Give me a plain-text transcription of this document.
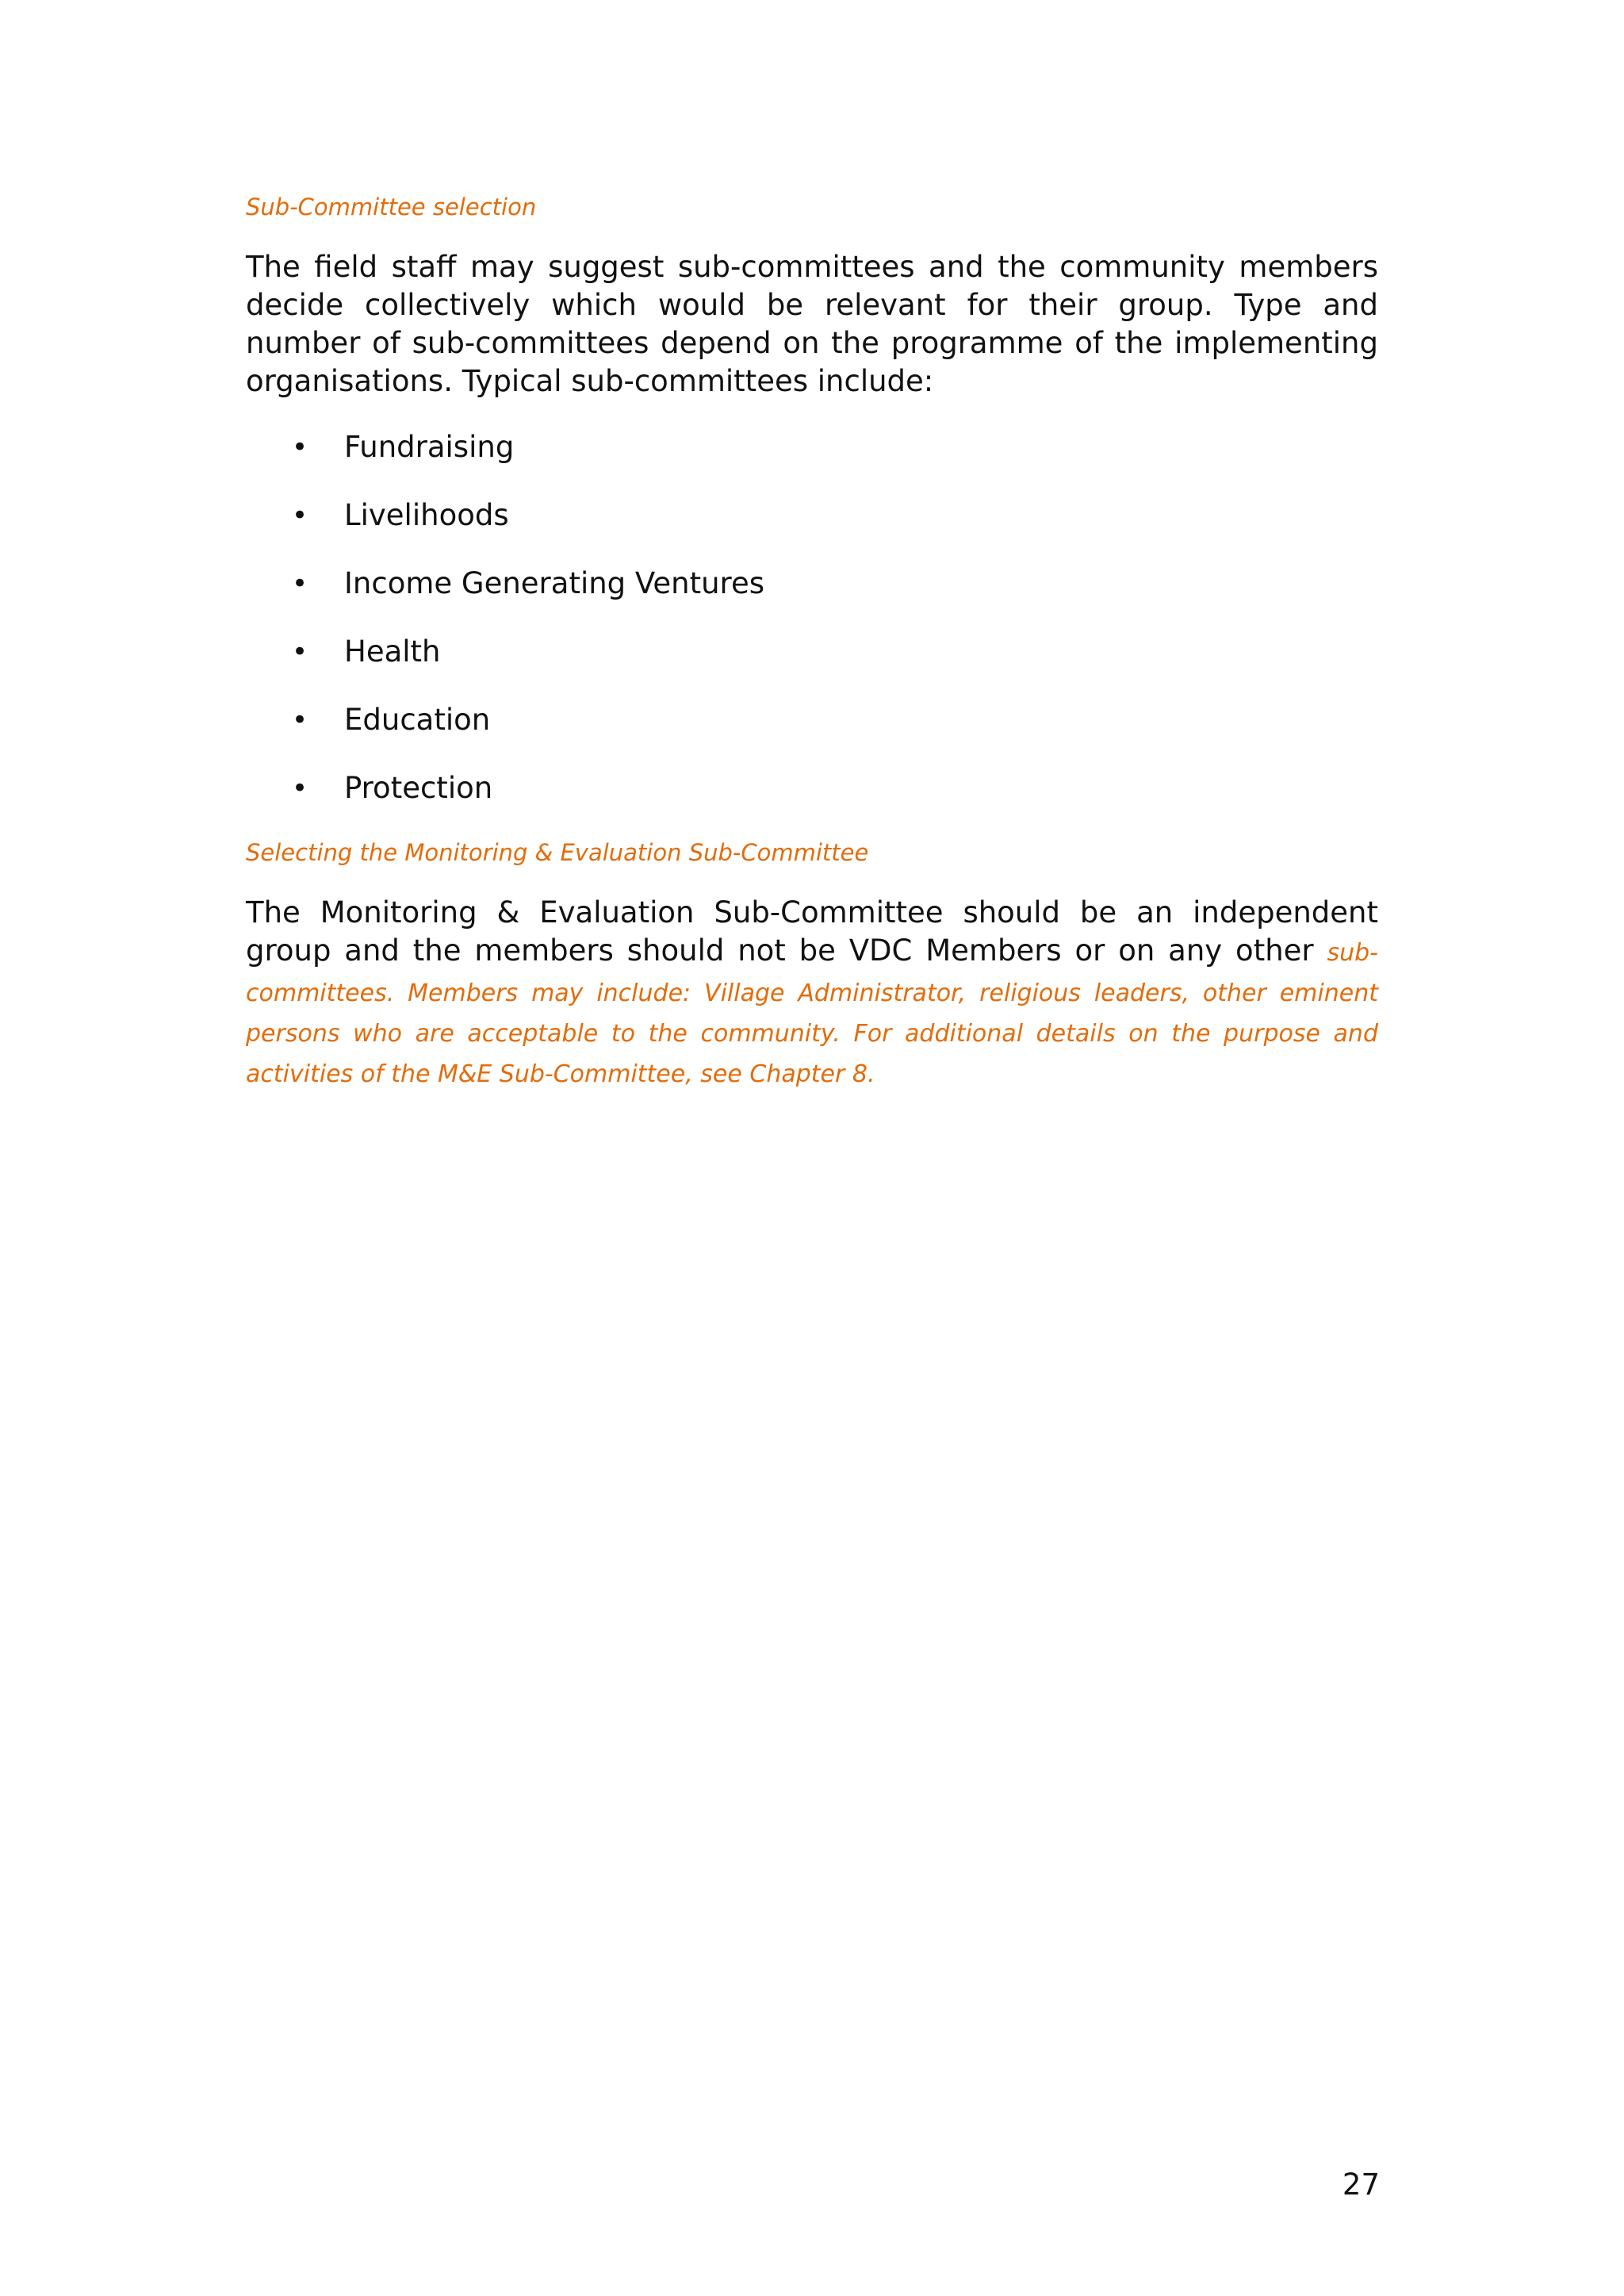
Sub-Committee selection

The field staff may suggest sub-committees and the community members decide collectively which would be relevant for their group. Type and number of sub-committees depend on the programme of the implementing organisations. Typical sub-committees include:

• Fundraising
• Livelihoods
• Income Generating Ventures
• Health
• Education
• Protection
Selecting the Monitoring & Evaluation Sub-Committee

The Monitoring & Evaluation Sub-Committee should be an independent group and the members should not be VDC Members or on any other sub-committees. Members may include: Village Administrator, religious leaders, other eminent persons who are acceptable to the community. For additional details on the purpose and activities of the M&E Sub-Committee, see Chapter 8.

27
